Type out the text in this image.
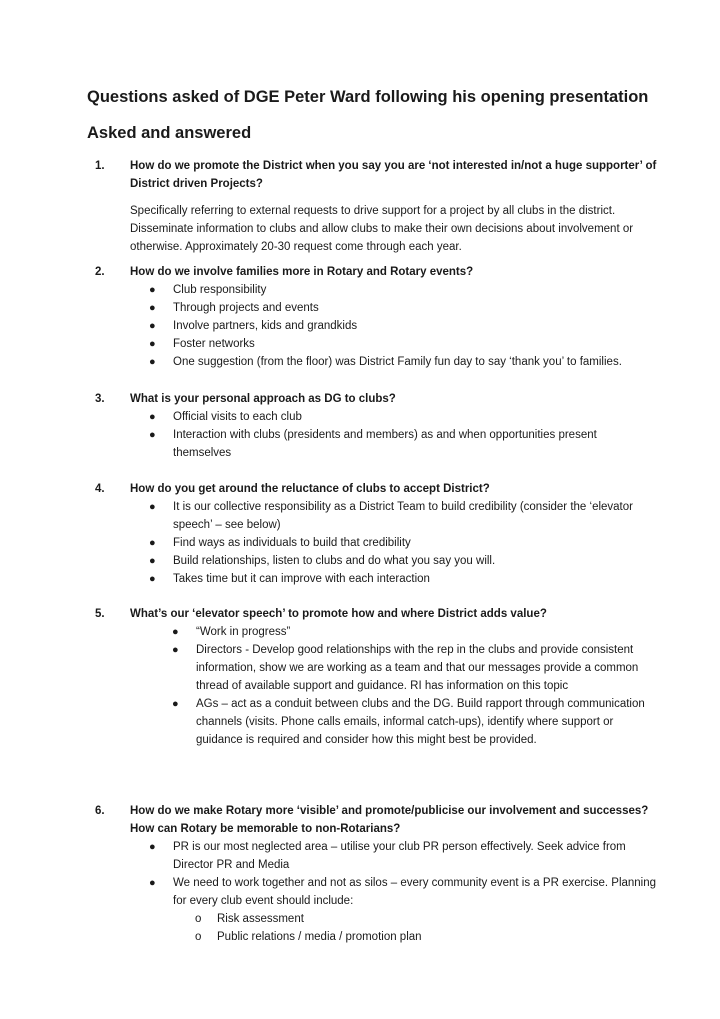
Questions asked of DGE Peter Ward following his opening presentation
Asked and answered
1. How do we promote the District when you say you are ‘not interested in/not a huge supporter’ of District driven Projects?
Specifically referring to external requests to drive support for a project by all clubs in the district. Disseminate information to clubs and allow clubs to make their own decisions about involvement or otherwise. Approximately 20-30 request come through each year.
2. How do we involve families more in Rotary and Rotary events?
● Club responsibility
● Through projects and events
● Involve partners, kids and grandkids
● Foster networks
● One suggestion (from the floor) was District Family fun day to say ‘thank you’ to families.
3. What is your personal approach as DG to clubs?
● Official visits to each club
● Interaction with clubs (presidents and members) as and when opportunities present themselves
4. How do you get around the reluctance of clubs to accept District?
● It is our collective responsibility as a District Team to build credibility (consider the ‘elevator speech’ – see below)
● Find ways as individuals to build that credibility
● Build relationships, listen to clubs and do what you say you will.
● Takes time but it can improve with each interaction
5. What’s our ‘elevator speech’ to promote how and where District adds value?
● “Work in progress”
● Directors - Develop good relationships with the rep in the clubs and provide consistent information, show we are working as a team and that our messages provide a common thread of available support and guidance. RI has information on this topic
● AGs – act as a conduit between clubs and the DG. Build rapport through communication channels (visits. Phone calls emails, informal catch-ups), identify where support or guidance is required and consider how this might best be provided.
6. How do we make Rotary more ‘visible’ and promote/publicise our involvement and successes? How can Rotary be memorable to non-Rotarians?
● PR is our most neglected area – utilise your club PR person effectively. Seek advice from Director PR and Media
● We need to work together and not as silos – every community event is a PR exercise. Planning for every club event should include:
o Risk assessment
o Public relations / media / promotion plan
